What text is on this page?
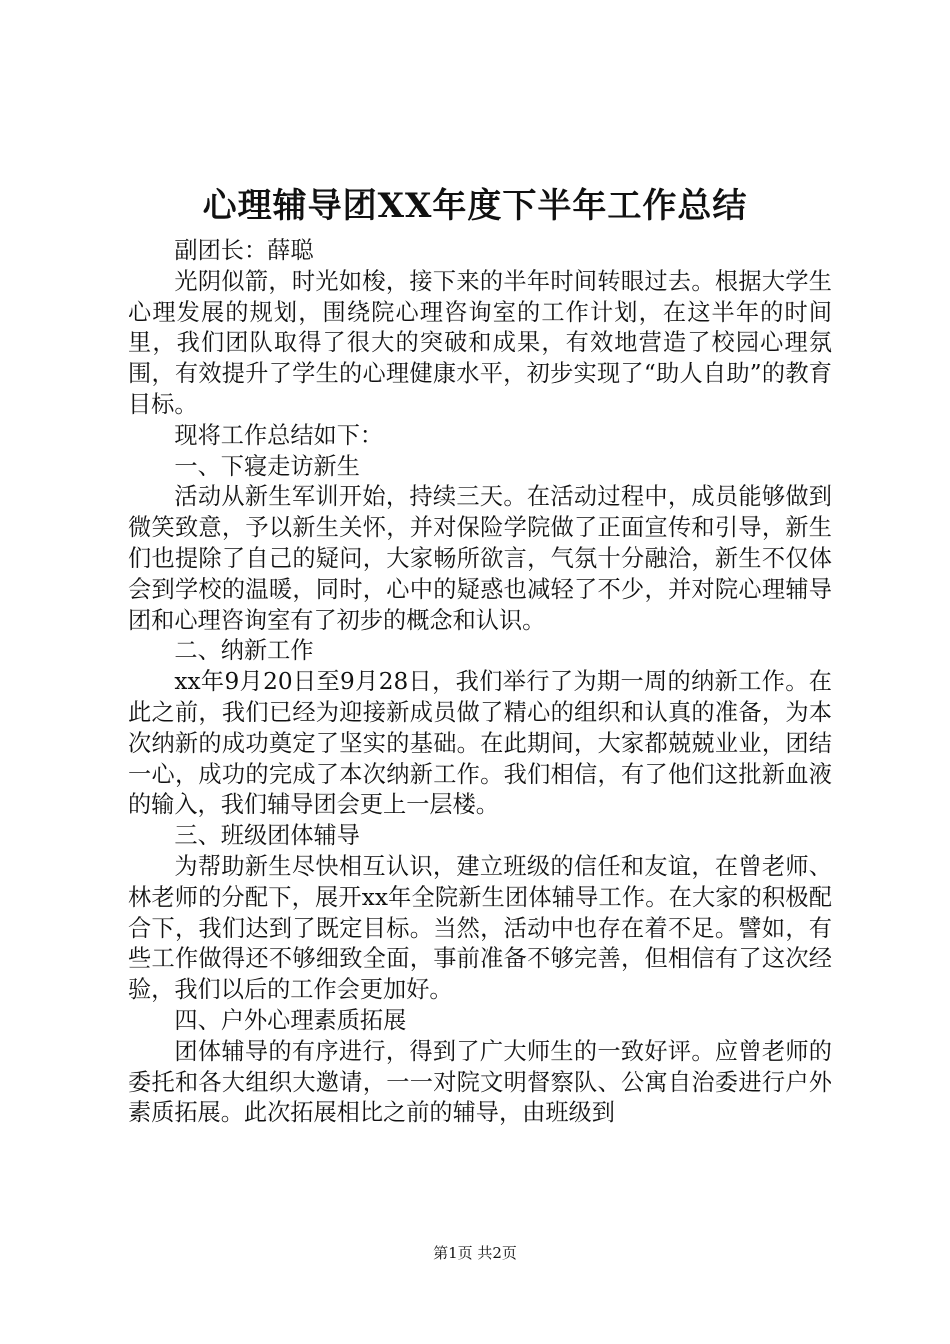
心理辅导团XX年度下半年工作总结

副团长：薛聪

光阴似箭，时光如梭，接下来的半年时间转眼过去。根据大学生心理发展的规划，围绕院心理咨询室的工作计划，在这半年的时间里，我们团队取得了很大的突破和成果，有效地营造了校园心理氛围，有效提升了学生的心理健康水平，初步实现了“助人自助”的教育目标。

现将工作总结如下：

一、下寝走访新生

活动从新生军训开始，持续三天。在活动过程中，成员能够做到微笑致意，予以新生关怀，并对保险学院做了正面宣传和引导，新生们也提除了自己的疑问，大家畅所欲言，气氛十分融洽，新生不仅体会到学校的温暖，同时，心中的疑惑也减轻了不少，并对院心理辅导团和心理咨询室有了初步的概念和认识。

二、纳新工作

xx年9月20日至9月28日，我们举行了为期一周的纳新工作。在此之前，我们已经为迎接新成员做了精心的组织和认真的准备，为本次纳新的成功奠定了坚实的基础。在此期间，大家都兢兢业业，团结一心，成功的完成了本次纳新工作。我们相信，有了他们这批新血液的输入，我们辅导团会更上一层楼。

三、班级团体辅导

为帮助新生尽快相互认识，建立班级的信任和友谊，在曾老师、林老师的分配下，展开xx年全院新生团体辅导工作。在大家的积极配合下，我们达到了既定目标。当然，活动中也存在着不足。譬如，有些工作做得还不够细致全面，事前准备不够完善，但相信有了这次经验，我们以后的工作会更加好。

四、户外心理素质拓展

团体辅导的有序进行，得到了广大师生的一致好评。应曾老师的委托和各大组织大邀请，一一对院文明督察队、公寓自治委进行户外素质拓展。此次拓展相比之前的辅导，由班级到

第1页 共2页
